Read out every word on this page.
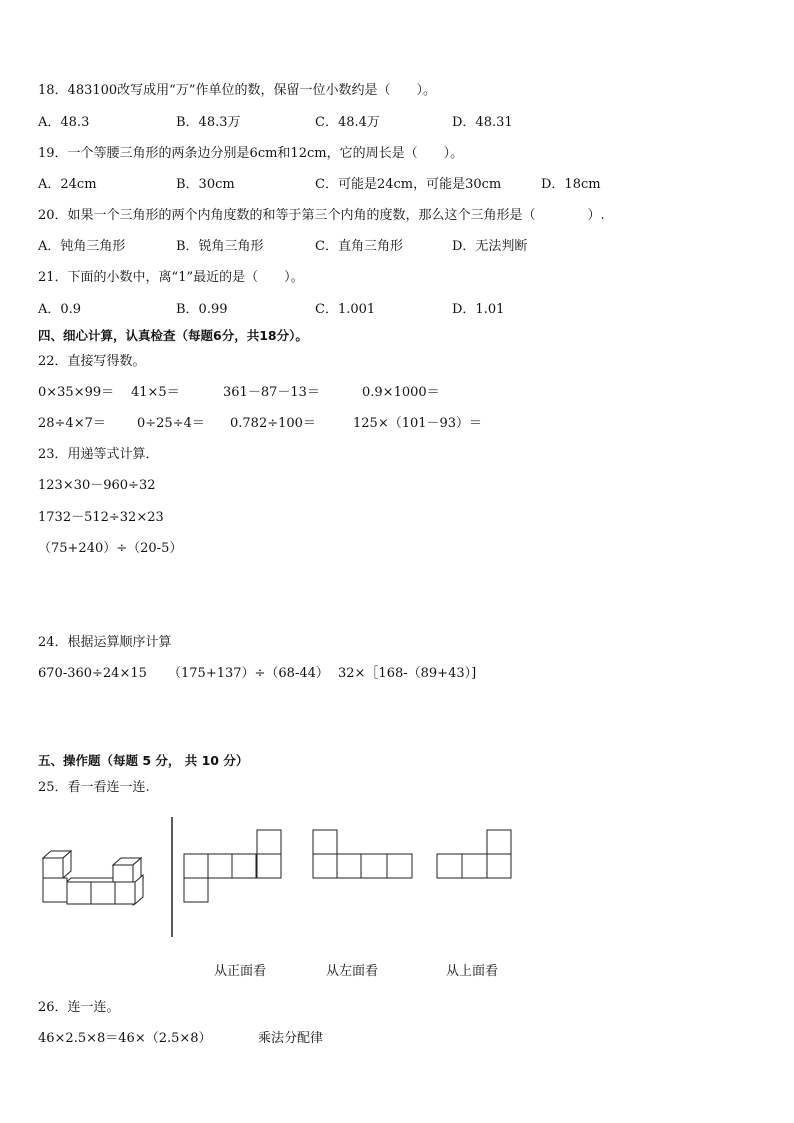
18．483100改写成用“万”作单位的数，保留一位小数约是（　　）。
A．48.3	B．48.3万	C．48.4万	D．48.31
19．一个等腰三角形的两条边分别是6cm和12cm，它的周长是（　　）。
A．24cm	B．30cm	C．可能是24cm，可能是30cm	D．18cm
20．如果一个三角形的两个内角度数的和等于第三个内角的度数，那么这个三角形是（　　　　）.
A．钝角三角形	B．锐角三角形	C．直角三角形	D．无法判断
21．下面的小数中，离“1”最近的是（　　）。
A．0.9	B．0.99	C．1.001	D．1.01
四、细心计算，认真检查（每题6分，共18分）。
22．直接写得数。
0×35×99＝ 41×5＝	361－87－13＝	0.9×1000＝
28÷4×7＝ 0÷25÷4＝ 0.782÷100＝	125×（101－93）＝
23．用递等式计算．
123×30－960÷32
1732－512÷32×23
（75+240）÷（20-5）
24．根据运算顺序计算
670-360÷24×15 （175+137）÷（68-44） 32×［168-（89+43）]
五、操作题（每题 5 分， 共 10 分）
25．看一看连一连.
从正面看	从左面看	从上面看
26．连一连。
46×2.5×8＝46×（2.5×8）	乘法分配律
